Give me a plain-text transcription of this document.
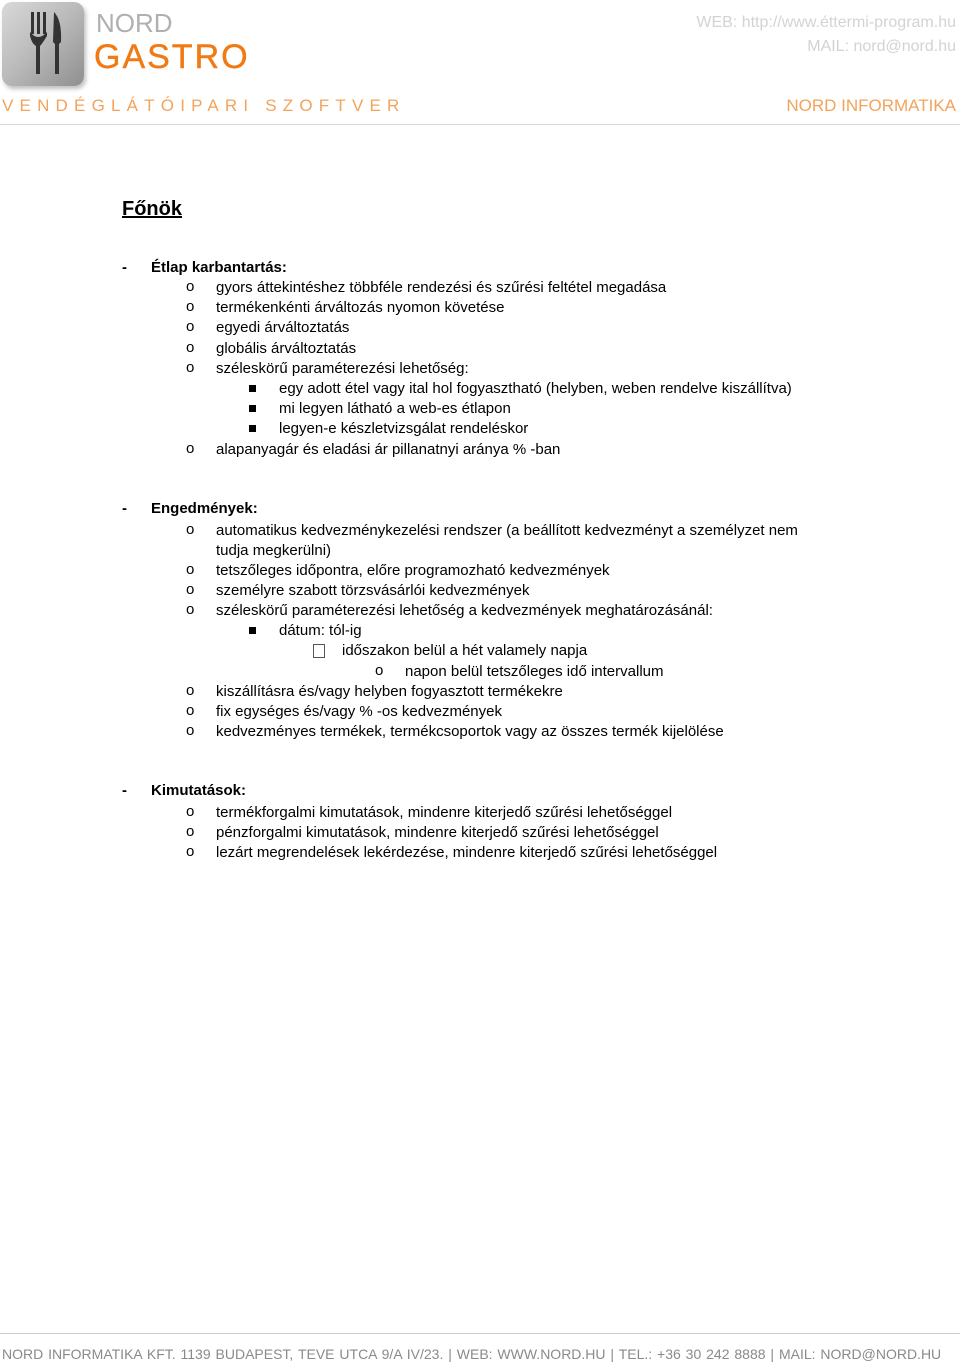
NORD
GASTRO
WEB: http://www.éttermi-program.hu
MAIL: nord@nord.hu
VENDÉGLÁTÓIPARI SZOFTVER	NORD INFORMATIKA
Főnök
- Étlap karbantartás:
o gyors áttekintéshez többféle rendezési és szűrési feltétel megadása
o termékenkénti árváltozás nyomon követése
o egyedi árváltoztatás
o globális árváltoztatás
o széleskörű paraméterezési lehetőség:
egy adott étel vagy ital hol fogyasztható (helyben, weben rendelve kiszállítva)
mi legyen látható a web-es étlapon
legyen-e készletvizsgálat rendeléskor
o alapanyagár és eladási ár pillanatnyi aránya % -ban
- Engedmények:
o automatikus kedvezménykezelési rendszer (a beállított kedvezményt a személyzet nem
tudja megkerülni)
o tetszőleges időpontra, előre programozható kedvezmények
o személyre szabott törzsvásárlói kedvezmények
o széleskörű paraméterezési lehetőség a kedvezmények meghatározásánál:
dátum: tól-ig
időszakon belül a hét valamely napja
o napon belül tetszőleges idő intervallum
o kiszállításra és/vagy helyben fogyasztott termékekre
o fix egységes és/vagy % -os kedvezmények
o kedvezményes termékek, termékcsoportok vagy az összes termék kijelölése
- Kimutatások:
o termékforgalmi kimutatások, mindenre kiterjedő szűrési lehetőséggel
o pénzforgalmi kimutatások, mindenre kiterjedő szűrési lehetőséggel
o lezárt megrendelések lekérdezése, mindenre kiterjedő szűrési lehetőséggel
NORD INFORMATIKA KFT. 1139 BUDAPEST, TEVE UTCA 9/A IV/23. | WEB: WWW.NORD.HU | TEL.: +36 30 242 8888 | MAIL: NORD@NORD.HU
